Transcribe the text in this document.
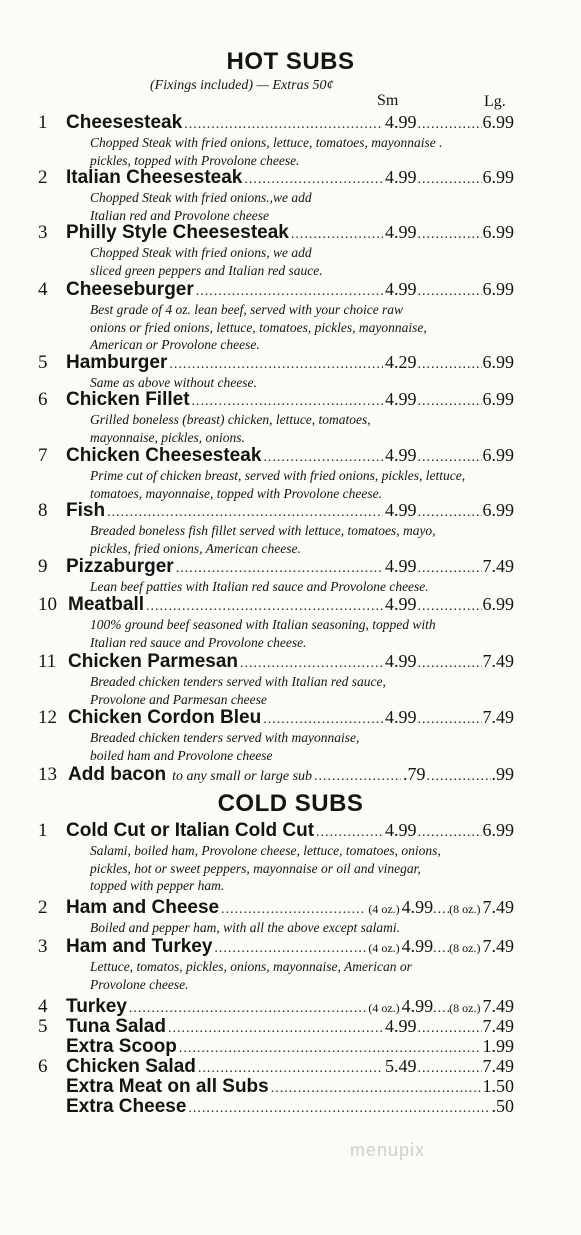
HOT SUBS
(Fixings included) — Extras 50¢
Sm	Lg.
1 Cheesesteak .....	4.99 .....	6.99
Chopped Steak with fried onions, lettuce, tomatoes, mayonnaise .
pickles, topped with Provolone cheese.
2 Italian Cheesesteak .....	4.99 .....	6.99
Chopped Steak with fried onions.,we add
Italian red and Provolone cheese
3 Philly Style Cheesesteak .....	4.99 .....	6.99
Chopped Steak with fried onions, we add
sliced green peppers and Italian red sauce.
4 Cheeseburger .....	4.99 .....	6.99
Best grade of 4 oz. lean beef, served with your choice raw
onions or fried onions, lettuce, tomatoes, pickles, mayonnaise,
American or Provolone cheese.
5 Hamburger .....	4.29 .....	6.99
Same as above without cheese.
6 Chicken Fillet .....	4.99 .....	6.99
Grilled boneless (breast) chicken, lettuce, tomatoes,
mayonnaise, pickles, onions.
7 Chicken Cheesesteak .....	4.99 .....	6.99
Prime cut of chicken breast, served with fried onions, pickles, lettuce,
tomatoes, mayonnaise, topped with Provolone cheese.
8 Fish .....	4.99 .....	6.99
Breaded boneless fish fillet served with lettuce, tomatoes, mayo,
pickles, fried onions, American cheese.
9 Pizzaburger .....	4.99 .....	7.49
Lean beef patties with Italian red sauce and Provolone cheese.
10 Meatball .....	4.99 .....	6.99
100% ground beef seasoned with Italian seasoning, topped with
Italian red sauce and Provolone cheese.
11 Chicken Parmesan .....	4.99 .....	7.49
Breaded chicken tenders served with Italian red sauce,
Provolone and Parmesan cheese
12 Chicken Cordon Bleu .....	4.99 .....	7.49
Breaded chicken tenders served with mayonnaise,
boiled ham and Provolone cheese
13 Add bacon to any small or large sub .....	.79 .....	.99
COLD SUBS
1 Cold Cut or Italian Cold Cut .....	4.99 .....	6.99
Salami, boiled ham, Provolone cheese, lettuce, tomatoes, onions,
pickles, hot or sweet peppers, mayonnaise or oil and vinegar,
topped with pepper ham.
2 Ham and Cheese .....	(4 oz.) 4.99 ........ (8 oz.) 7.49
Boiled and pepper ham, with all the above except salami.
3 Ham and Turkey .....	(4 oz.) 4.99 ........ (8 oz.) 7.49
Lettuce, tomatos, pickles, onions, mayonnaise, American or
Provolone cheese.
4 Turkey .....	(4 oz.) 4.99 ........ (8 oz.) 7.49
5 Tuna Salad .....	4.99 .....	7.49
Extra Scoop .....	1.99
6 Chicken Salad .....	5.49 .....	7.49
Extra Meat on all Subs .....	1.50
Extra Cheese .....	.50
menupix
